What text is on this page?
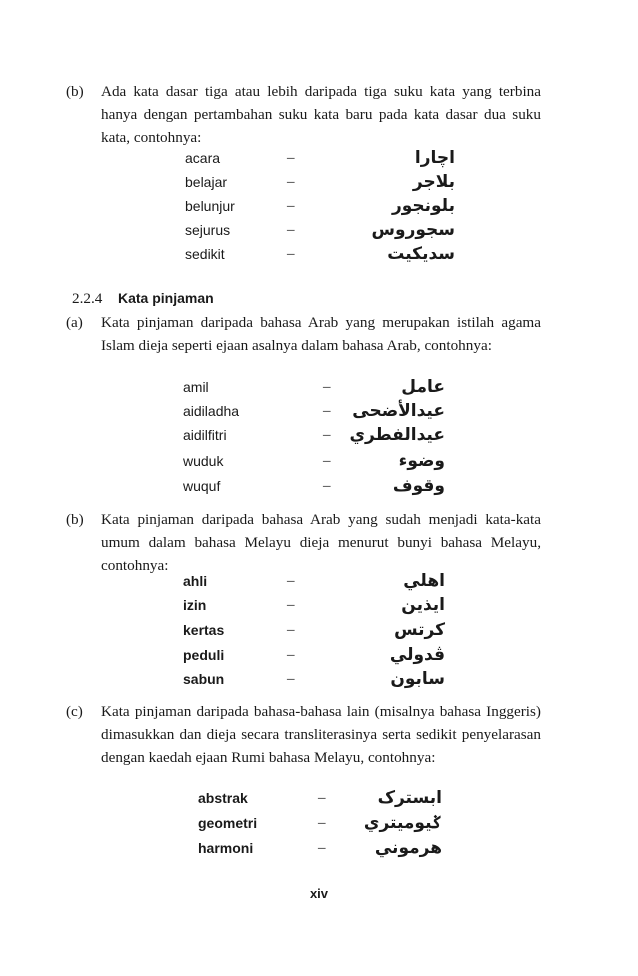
(b) Ada kata dasar tiga atau lebih daripada tiga suku kata yang terbina hanya dengan pertambahan suku kata baru pada kata dasar dua suku kata, contohnya:
acara	–	اچارا
belajar	–	بلاجر
belunjur	–	بلونجور
sejurus	–	سجوروس
sedikit	–	سديکيت
2.2.4 Kata pinjaman
(a) Kata pinjaman daripada bahasa Arab yang merupakan istilah agama Islam dieja seperti ejaan asalnya dalam bahasa Arab, contohnya:
amil	–	عامل
aidiladha	– عيدالأضحى
aidilfitri	– عيدالفطري
wuduk	–	وضوء
wuquf	–	وقوف
(b) Kata pinjaman daripada bahasa Arab yang sudah menjadi kata-kata umum dalam bahasa Melayu dieja menurut bunyi bahasa Melayu, contohnya:
ahli	–	اهلي
izin	–	ايذين
kertas	–	کرتس
peduli	–	ڤدولي
sabun	–	سابون
(c) Kata pinjaman daripada bahasa-bahasa lain (misalnya bahasa Inggeris) dimasukkan dan dieja secara transliterasinya serta sedikit penyelarasan dengan kaedah ejaan Rumi bahasa Melayu, contohnya:
abstrak	–	ابسترک
geometri	– ݢيوميتري
harmoni	–	هرموني
xiv
